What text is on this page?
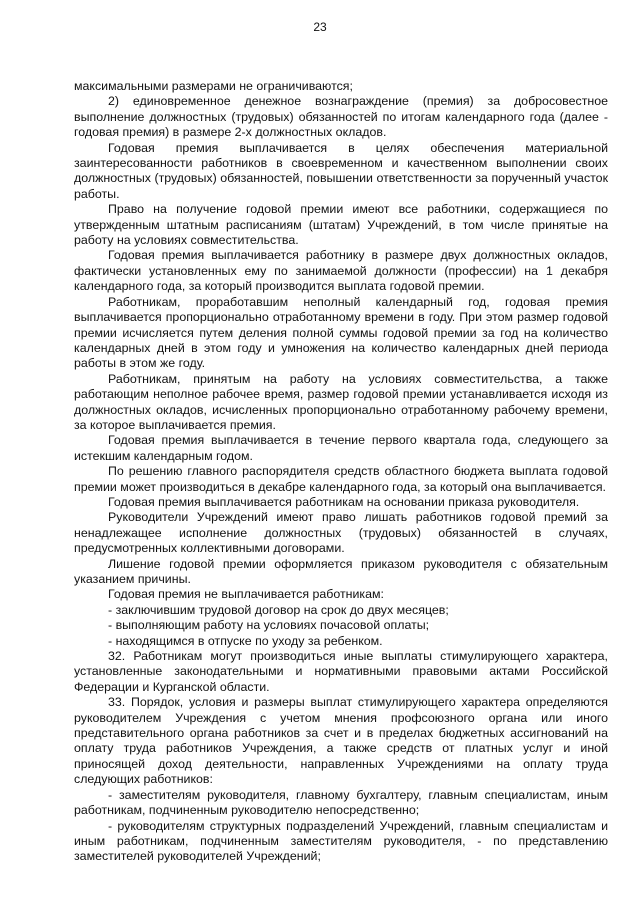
23

максимальными размерами не ограничиваются;

2) единовременное денежное вознаграждение (премия) за добросовестное выполнение должностных (трудовых) обязанностей по итогам календарного года (далее - годовая премия) в размере 2-х должностных окладов.

Годовая премия выплачивается в целях обеспечения материальной заинтересованности работников в своевременном и качественном выполнении своих должностных (трудовых) обязанностей, повышении ответственности за порученный участок работы.

Право на получение годовой премии имеют все работники, содержащиеся по утвержденным штатным расписаниям (штатам) Учреждений, в том числе принятые на работу на условиях совместительства.

Годовая премия выплачивается работнику в размере двух должностных окладов, фактически установленных ему по занимаемой должности (профессии) на 1 декабря календарного года, за который производится выплата годовой премии.

Работникам, проработавшим неполный календарный год, годовая премия выплачивается пропорционально отработанному времени в году. При этом размер годовой премии исчисляется путем деления полной суммы годовой премии за год на количество календарных дней в этом году и умножения на количество календарных дней периода работы в этом же году.

Работникам, принятым на работу на условиях совместительства, а также работающим неполное рабочее время, размер годовой премии устанавливается исходя из должностных окладов, исчисленных пропорционально отработанному рабочему времени, за которое выплачивается премия.

Годовая премия выплачивается в течение первого квартала года, следующего за истекшим календарным годом.

По решению главного распорядителя средств областного бюджета выплата годовой премии может производиться в декабре календарного года, за который она выплачивается.

Годовая премия выплачивается работникам на основании приказа руководителя.

Руководители Учреждений имеют право лишать работников годовой премий за ненадлежащее исполнение должностных (трудовых) обязанностей в случаях, предусмотренных коллективными договорами.

Лишение годовой премии оформляется приказом руководителя с обязательным указанием причины.

Годовая премия не выплачивается работникам:

- заключившим трудовой договор на срок до двух месяцев;

- выполняющим работу на условиях почасовой оплаты;

- находящимся в отпуске по уходу за ребенком.

32. Работникам могут производиться иные выплаты стимулирующего характера, установленные законодательными и нормативными правовыми актами Российской Федерации и Курганской области.

33. Порядок, условия и размеры выплат стимулирующего характера определяются руководителем Учреждения с учетом мнения профсоюзного органа или иного представительного органа работников за счет и в пределах бюджетных ассигнований на оплату труда работников Учреждения, а также средств от платных услуг и иной приносящей доход деятельности, направленных Учреждениями на оплату труда следующих работников:

- заместителям руководителя, главному бухгалтеру, главным специалистам, иным работникам, подчиненным руководителю непосредственно;

- руководителям структурных подразделений Учреждений, главным специалистам и иным работникам, подчиненным заместителям руководителя, - по представлению заместителей руководителей Учреждений;
